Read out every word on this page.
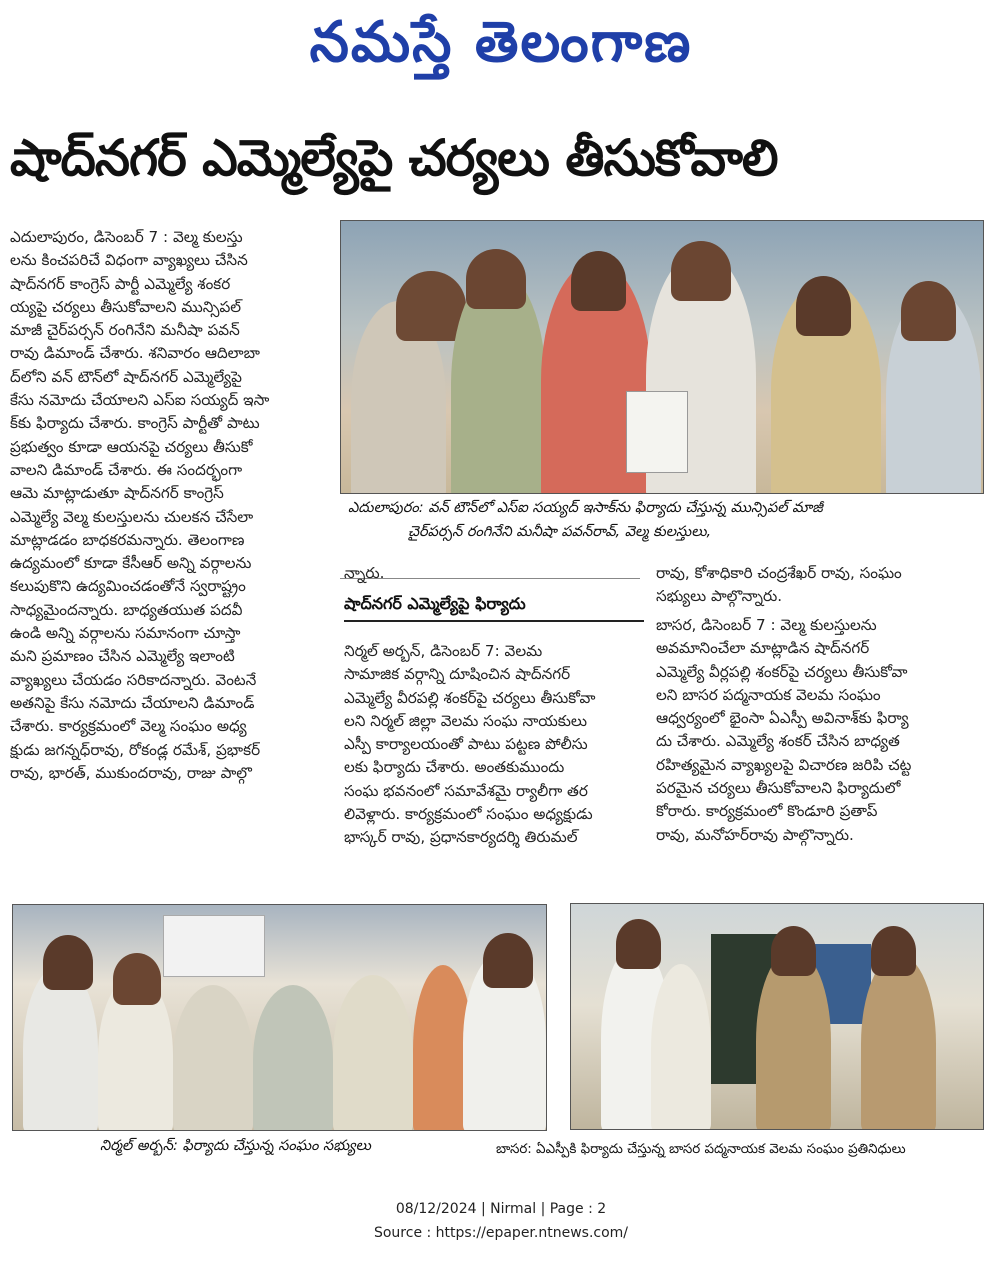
నమస్తే తెలంగాణ
షాద్‌నగర్ ఎమ్మెల్యేపై చర్యలు తీసుకోవాలి

ఎదులాపురం, డిసెంబర్ 7 : వెల్మ కులస్తు

లను కించపరిచే విధంగా వ్యాఖ్యలు చేసిన

షాద్‌నగర్ కాంగ్రెస్ పార్టీ ఎమ్మెల్యే శంకర

య్యపై చర్యలు తీసుకోవాలని మున్సిపల్

మాజీ చైర్‌పర్సన్ రంగినేని మనీషా పవన్

రావు డిమాండ్ చేశారు. శనివారం ఆదిలాబా

ద్‌లోని వన్ టౌన్‌లో షాద్‌నగర్ ఎమ్మెల్యేపై

కేసు నమోదు చేయాలని ఎస్ఐ సయ్యద్ ఇసా

క్‌కు ఫిర్యాదు చేశారు. కాంగ్రెస్ పార్టీతో పాటు

ప్రభుత్వం కూడా ఆయనపై చర్యలు తీసుకో

వాలని డిమాండ్ చేశారు. ఈ సందర్భంగా

ఆమె మాట్లాడుతూ షాద్‌నగర్ కాంగ్రెస్

ఎమ్మెల్యే వెల్మ కులస్తులను చులకన చేసేలా

మాట్లాడడం బాధకరమన్నారు. తెలంగాణ

ఉద్యమంలో కూడా కేసీఆర్ అన్ని వర్గాలను

కలుపుకొని ఉద్యమించడంతోనే స్వరాష్ట్రం

సాధ్యమైందన్నారు. బాధ్యతయుత పదవీ

ఉండి అన్ని వర్గాలను సమానంగా చూస్తా

మని ప్రమాణం చేసిన ఎమ్మెల్యే ఇలాంటి

వ్యాఖ్యలు చేయడం సరికాదన్నారు. వెంటనే

అతనిపై కేసు నమోదు చేయాలని డిమాండ్

చేశారు. కార్యక్రమంలో వెల్మ సంఘం అధ్య

క్షుడు జగన్నధ్‌రావు, రోకండ్ల రమేశ్, ప్రభాకర్

రావు, భారత్, ముకుందరావు, రాజు పాల్గొ

ఎదులాపురం: వన్ టౌన్‌లో ఎస్ఐ సయ్యద్ ఇసాక్‌ను ఫిర్యాదు చేస్తున్న మున్సిపల్ మాజీ
చైర్‌పర్సన్ రంగినేని మనీషా పవన్‌రావ్, వెల్మ కులస్తులు,
న్నారు.
షాద్‌నగర్ ఎమ్మెల్యేపై ఫిర్యాదు

నిర్మల్ అర్బన్, డిసెంబర్ 7: వెలమ

సామాజిక వర్గాన్ని దూషించిన షాద్‌నగర్

ఎమ్మెల్యే వీరపల్లి శంకర్‌పై చర్యలు తీసుకోవా

లని నిర్మల్ జిల్లా వెలమ సంఘ నాయకులు

ఎస్పీ కార్యాలయంతో పాటు పట్టణ పోలీసు

లకు ఫిర్యాదు చేశారు. అంతకుముందు

సంఘ భవనంలో సమావేశమై ర్యాలీగా తర

లివెళ్లారు. కార్యక్రమంలో సంఘం అధ్యక్షుడు

భాస్కర్ రావు, ప్రధానకార్యదర్శి తిరుమల్

రావు, కోశాధికారి చంద్రశేఖర్ రావు, సంఘం

సభ్యులు పాల్గొన్నారు.

బాసర, డిసెంబర్ 7 : వెల్మ కులస్తులను

అవమానించేలా మాట్లాడిన షాద్‌నగర్

ఎమ్మెల్యే వీర్లపల్లి శంకర్‌పై చర్యలు తీసుకోవా

లని బాసర పద్మనాయక వెలమ సంఘం

ఆధ్వర్యంలో భైంసా ఏఎస్పీ అవినాశ్‌కు ఫిర్యా

దు చేశారు. ఎమ్మెల్యే శంకర్ చేసిన బాధ్యత

రహిత్యమైన వ్యాఖ్యలపై విచారణ జరిపి చట్ట

పరమైన చర్యలు తీసుకోవాలని ఫిర్యాదులో

కోరారు. కార్యక్రమంలో కొండూరి ప్రతాప్

రావు, మనోహర్‌రావు పాల్గొన్నారు.

నిర్మల్ అర్బన్: ఫిర్యాదు చేస్తున్న సంఘం సభ్యులు	బాసర: ఏఎస్పీకి ఫిర్యాదు చేస్తున్న బాసర పద్మనాయక వెలమ సంఘం ప్రతినిధులు
08/12/2024 | Nirmal | Page : 2
Source : https://epaper.ntnews.com/
